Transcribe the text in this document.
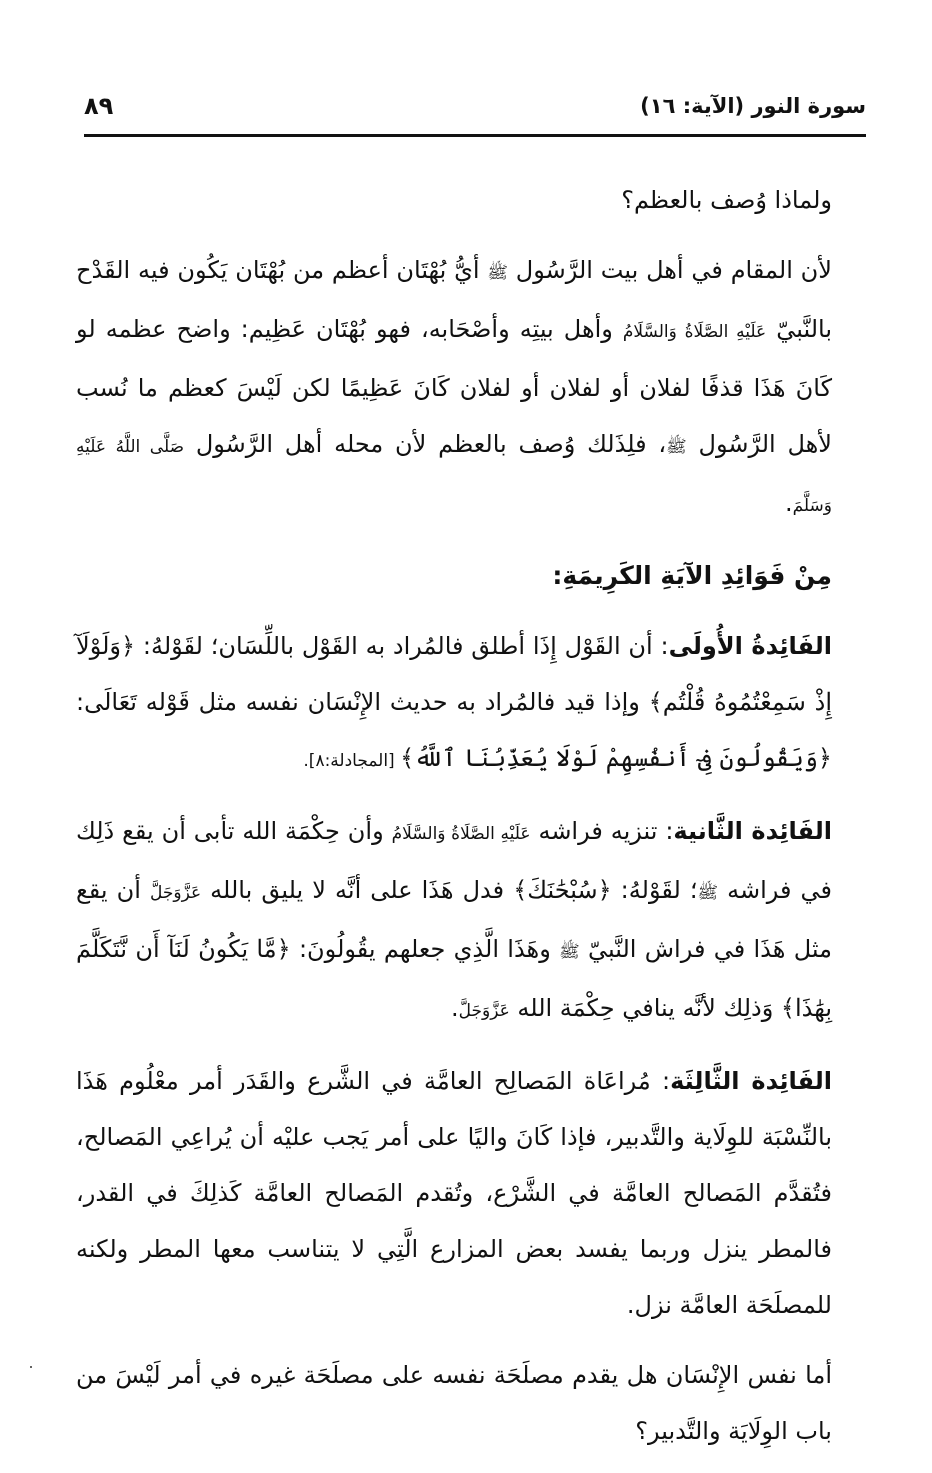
سورة النور (الآية: ١٦)
٨٩

ولماذا وُصف بالعظم؟

لأن المقام في أهل بيت الرَّسُول ﷺ أيُّ بُهْتَان أعظم من بُهْتَان يَكُون فيه القَدْح بالنَّبيّ عَلَيْهِ الصَّلَاةُ وَالسَّلَامُ وأهل بيتِه وأصْحَابه، فهو بُهْتَان عَظِيم: واضح عظمه لو كَانَ هَذَا قذفًا لفلان أو لفلان أو لفلان كَانَ عَظِيمًا لكن لَيْسَ كعظم ما نُسب لأهل الرَّسُول ﷺ، فلِذَلك وُصف بالعظم لأن محله أهل الرَّسُول صَلَّى اللَّهُ عَلَيْهِ وَسَلَّمَ.

مِنْ فَوَائِدِ الآيَةِ الكَرِيمَةِ:

الفَائِدةُ الأُولَى: أن القَوْل إِذَا أطلق فالمُراد به القَوْل باللِّسَان؛ لقَوْلهُ: ﴿وَلَوْلَآ إِذْ سَمِعْتُمُوهُ قُلْتُم﴾ وإذا قيد فالمُراد به حديث الإِنْسَان نفسه مثل قَوْله تَعَالَى: ﴿وَيَقُولُونَ فِىٓ أَنفُسِهِمْ لَوْلَا يُعَذِّبُنَا ٱللَّهُ﴾ [المجادلة:٨].

الفَائِدة الثَّانية: تنزيه فراشه عَلَيْهِ الصَّلَاةُ وَالسَّلَامُ وأن حِكْمَة الله تأبى أن يقع ذَلِك في فراشه ﷺ؛ لقَوْلهُ: ﴿سُبْحَٰنَكَ﴾ فدل هَذَا على أنَّه لا يليق بالله عَزَّوَجَلَّ أن يقع مثل هَذَا في فراش النَّبيّ ﷺ وهَذَا الَّذِي جعلهم يقُولُونَ: ﴿مَّا يَكُونُ لَنَآ أَن نَّتَكَلَّمَ بِهَٰذَا﴾ وَذلِك لأنَّه ينافي حِكْمَة الله عَزَّوَجَلَّ.

الفَائِدة الثَّالِثَة: مُراعَاة المَصالِح العامَّة في الشَّرع والقَدَر أمر معْلُوم هَذَا بالنِّسْبَة للوِلَاية والتَّدبير، فإذا كَانَ واليًا على أمر يَجب عليْه أن يُراعِي المَصالح، فتُقدَّم المَصالح العامَّة في الشَّرْع، وتُقدم المَصالح العامَّة كَذلِكَ في القدر، فالمطر ينزل وربما يفسد بعض المزارع الَّتِي لا يتناسب معها المطر ولكنه للمصلَحَة العامَّة نزل.

أما نفس الإِنْسَان هل يقدم مصلَحَة نفسه على مصلَحَة غيره في أمر لَيْسَ من باب الوِلَايَة والتَّدبير؟
